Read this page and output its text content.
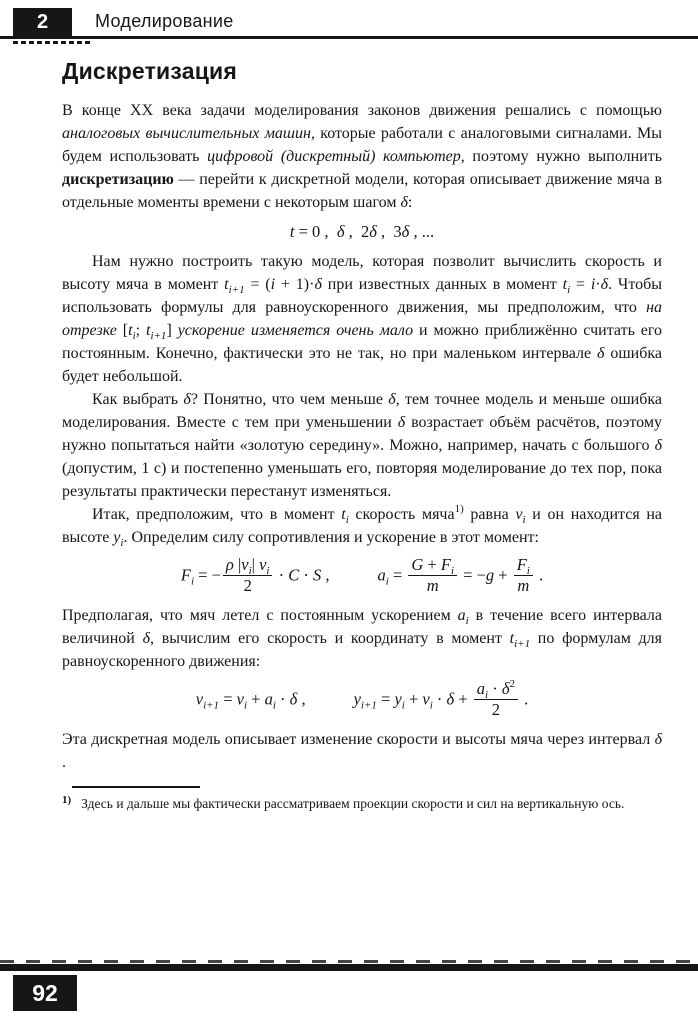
2	Моделирование
Дискретизация

В конце XX века задачи моделирования законов движения решались с помощью аналоговых вычислительных машин, которые работали с аналоговыми сигналами. Мы будем использовать цифровой (дискретный) компьютер, поэтому нужно выполнить дискретизацию — перейти к дискретной модели, которая описывает движение мяча в отдельные моменты времени с некоторым шагом δ:

t = 0 ,  δ ,  2δ ,  3δ , ...

Нам нужно построить такую модель, которая позволит вычислить скорость и высоту мяча в момент $t_{i+1} = (i + 1)\cdot\delta$ при известных данных в момент $t_i = i\cdot\delta$. Чтобы использовать формулы для равноускоренного движения, мы предположим, что на отрезке [$t_i$; $t_{i+1}$] ускорение изменяется очень мало и можно приближённо считать его постоянным. Конечно, фактически это не так, но при маленьком интервале δ ошибка будет небольшой.

Как выбрать δ? Понятно, что чем меньше δ, тем точнее модель и меньше ошибка моделирования. Вместе с тем при уменьшении δ возрастает объём расчётов, поэтому нужно попытаться найти «золотую середину». Можно, например, начать с большого δ (допустим, 1 с) и постепенно уменьшать его, повторяя моделирование до тех пор, пока результаты практически перестанут изменяться.

Итак, предположим, что в момент $t_i$ скорость мяча$^{1)}$ равна $v_i$ и он находится на высоте $y_i$. Определим силу сопротивления и ускорение в этот момент:

$F_i$ = − $\frac{\rho |v_i| v_i}{2} \cdot C \cdot S$ ,	$a_i = \frac{G + F_i}{m} = -g + \frac{F_i}{m}$ .

Предполагая, что мяч летел с постоянным ускорением $a_i$ в течение всего интервала величиной δ, вычислим его скорость и координату в момент $t_{i+1}$ по формулам для равноускоренного движения:

$v_{i+1} = v_i + a_i \cdot \delta$ ,	$y_{i+1} = y_i + v_i \cdot \delta + \frac{a_i \cdot \delta^2}{2}$ .

Эта дискретная модель описывает изменение скорости и высоты мяча через интервал δ .

1) Здесь и дальше мы фактически рассматриваем проекции скорости и сил на вертикальную ось.
92
